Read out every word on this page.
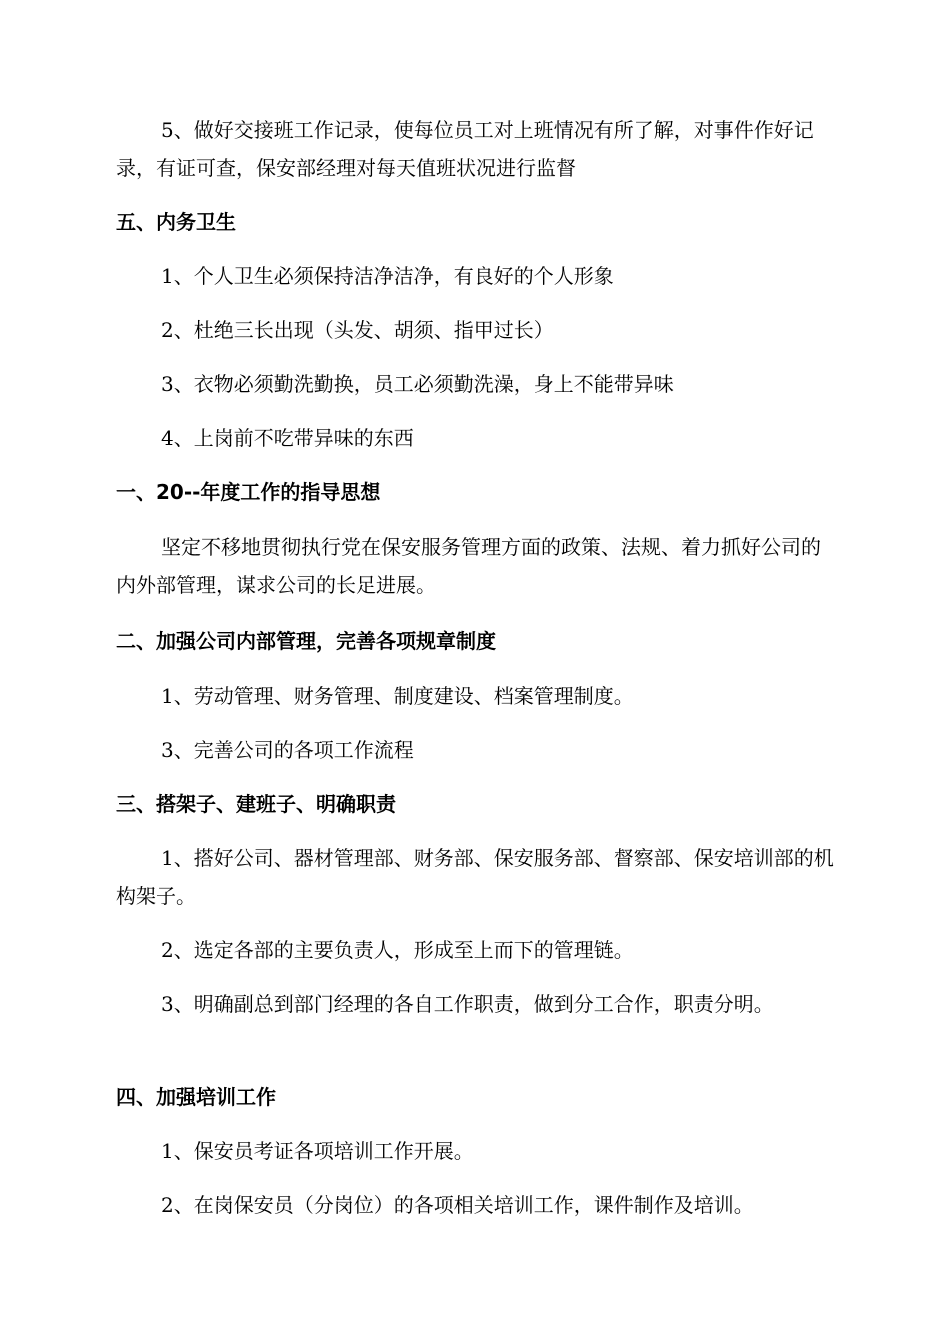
5、做好交接班工作记录，使每位员工对上班情况有所了解，对事件作好记录，有证可查，保安部经理对每天值班状况进行监督

五、内务卫生

1、个人卫生必须保持洁净洁净，有良好的个人形象

2、杜绝三长出现（头发、胡须、指甲过长）

3、衣物必须勤洗勤换，员工必须勤洗澡，身上不能带异味

4、上岗前不吃带异味的东西

一、20--年度工作的指导思想

坚定不移地贯彻执行党在保安服务管理方面的政策、法规、着力抓好公司的内外部管理，谋求公司的长足进展。

二、加强公司内部管理，完善各项规章制度

1、劳动管理、财务管理、制度建设、档案管理制度。

3、完善公司的各项工作流程

三、搭架子、建班子、明确职责

1、搭好公司、器材管理部、财务部、保安服务部、督察部、保安培训部的机构架子。

2、选定各部的主要负责人，形成至上而下的管理链。

3、明确副总到部门经理的各自工作职责，做到分工合作，职责分明。

四、加强培训工作

1、保安员考证各项培训工作开展。

2、在岗保安员（分岗位）的各项相关培训工作，课件制作及培训。
